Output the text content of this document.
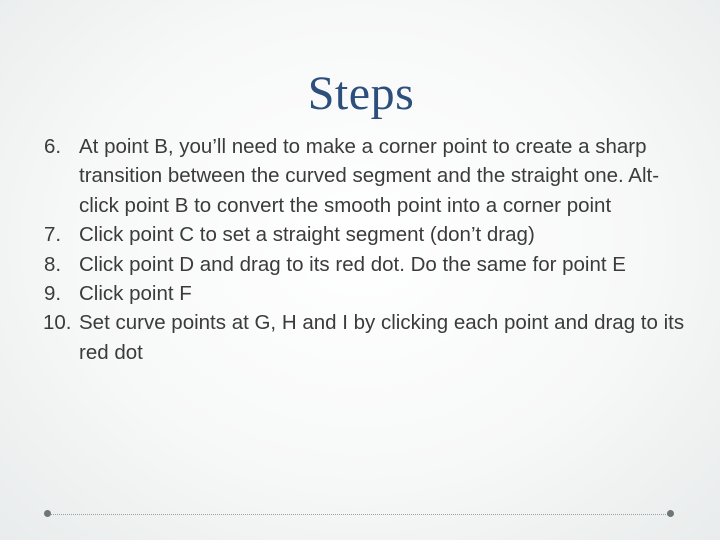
Steps
6. At point B, you’ll need to make a corner point to create a sharp transition between the curved segment and the straight one. Alt-click point B to convert the smooth point into a corner point
7. Click point C to set a straight segment (don’t drag)
8. Click point D and drag to its red dot. Do the same for point E
9. Click point F
10. Set curve points at G, H and I by clicking each point and drag to its red dot
